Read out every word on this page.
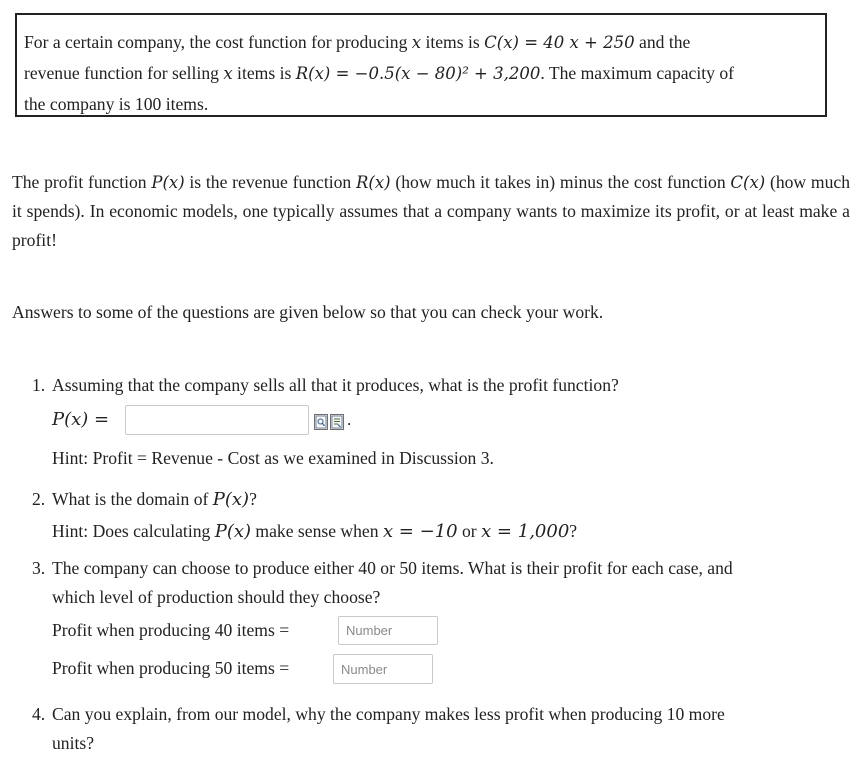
For a certain company, the cost function for producing x items is C(x) = 40 x + 250 and the

revenue function for selling x items is R(x) = −0.5(x − 80)² + 3,200. The maximum capacity of

the company is 100 items.

The profit function P(x) is the revenue function R(x) (how much it takes in) minus the cost function C(x) (how much it spends). In economic models, one typically assumes that a company wants to maximize its profit, or at least make a profit!

Answers to some of the questions are given below so that you can check your work.

1. Assuming that the company sells all that it produces, what is the profit function?
P(x) =	.
Hint: Profit = Revenue - Cost as we examined in Discussion 3.
2. What is the domain of P(x)?
Hint: Does calculating P(x) make sense when x = −10 or x = 1,000?
3. The company can choose to produce either 40 or 50 items. What is their profit for each case, and
which level of production should they choose?
Profit when producing 40 items =
Number
Profit when producing 50 items =
Number
4. Can you explain, from our model, why the company makes less profit when producing 10 more
units?
